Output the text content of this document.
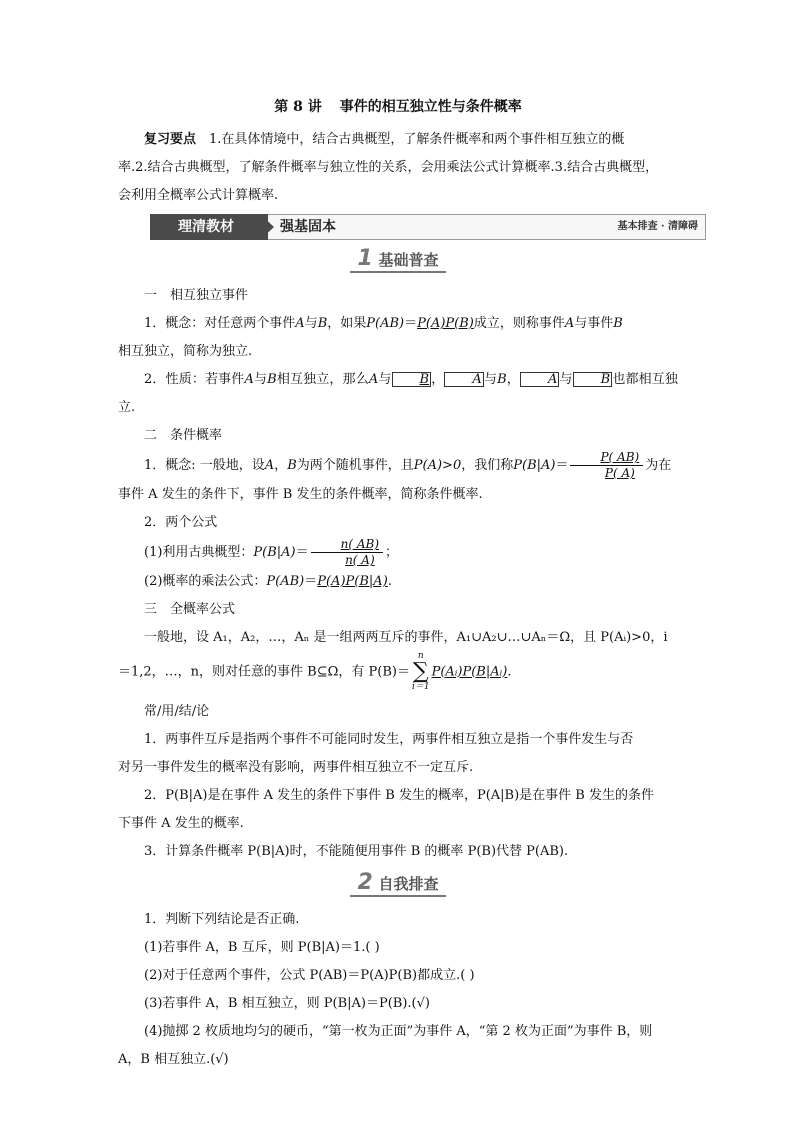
第 8 讲 事件的相互独立性与条件概率

复习要点　 1.在具体情境中，结合古典概型，了解条件概率和两个事件相互独立的概

率.2.结合古典概型，了解条件概率与独立性的关系，会用乘法公式计算概率.3.结合古典概型，

会利用全概率公式计算概率.

理清教材	强基固本	基本排查 · 清障碍
1 基础普查

一　相互独立事件

1．概念：对任意两个事件A与B，如果P(AB)＝P(A)P(B)成立，则称事件A与事件B

相互独立，简称为独立.

2．性质：若事件A与B相互独立，那么A与 B ， A 与B， A 与 B 也都相互独立.

二　条件概率

1．概念: 一般地，设A，B为两个随机事件，且P(A)>0，我们称$P(B|A)= \frac{P( AB)}{P( A)}$ 为在

事件 A 发生的条件下，事件 B 发生的条件概率，简称条件概率.

2．两个公式

(1)利用古典概型：$P(B|A)= \frac{n( AB)}{n( A)}$ ；

(2)概率的乘法公式：P(AB)＝P(A)P(B|A).

三　全概率公式

一般地，设 A₁，A₂，…，Aₙ 是一组两两互斥的事件，A₁∪A₂∪…∪Aₙ＝Ω，且 P(Aᵢ)>0，i

＝1,2，…，n，则对任意的事件 B⊆Ω，有 P(B)＝n
∑
i＝1P(Aᵢ)P(B|Aᵢ).

常/用/结/论

1．两事件互斥是指两个事件不可能同时发生，两事件相互独立是指一个事件发生与否

对另一事件发生的概率没有影响，两事件相互独立不一定互斥.

2．P(B|A)是在事件 A 发生的条件下事件 B 发生的概率，P(A|B)是在事件 B 发生的条件

下事件 A 发生的概率.

3．计算条件概率 P(B|A)时，不能随便用事件 B 的概率 P(B)代替 P(AB).

2 自我排查

1．判断下列结论是否正确.

(1)若事件 A，B 互斥，则 P(B|A)＝1.( )

(2)对于任意两个事件，公式 P(AB)＝P(A)P(B)都成立.( )

(3)若事件 A，B 相互独立，则 P(B|A)＝P(B).(√)

(4)抛掷 2 枚质地均匀的硬币，“第一枚为正面”为事件 A，“第 2 枚为正面”为事件 B，则

A，B 相互独立.(√)
